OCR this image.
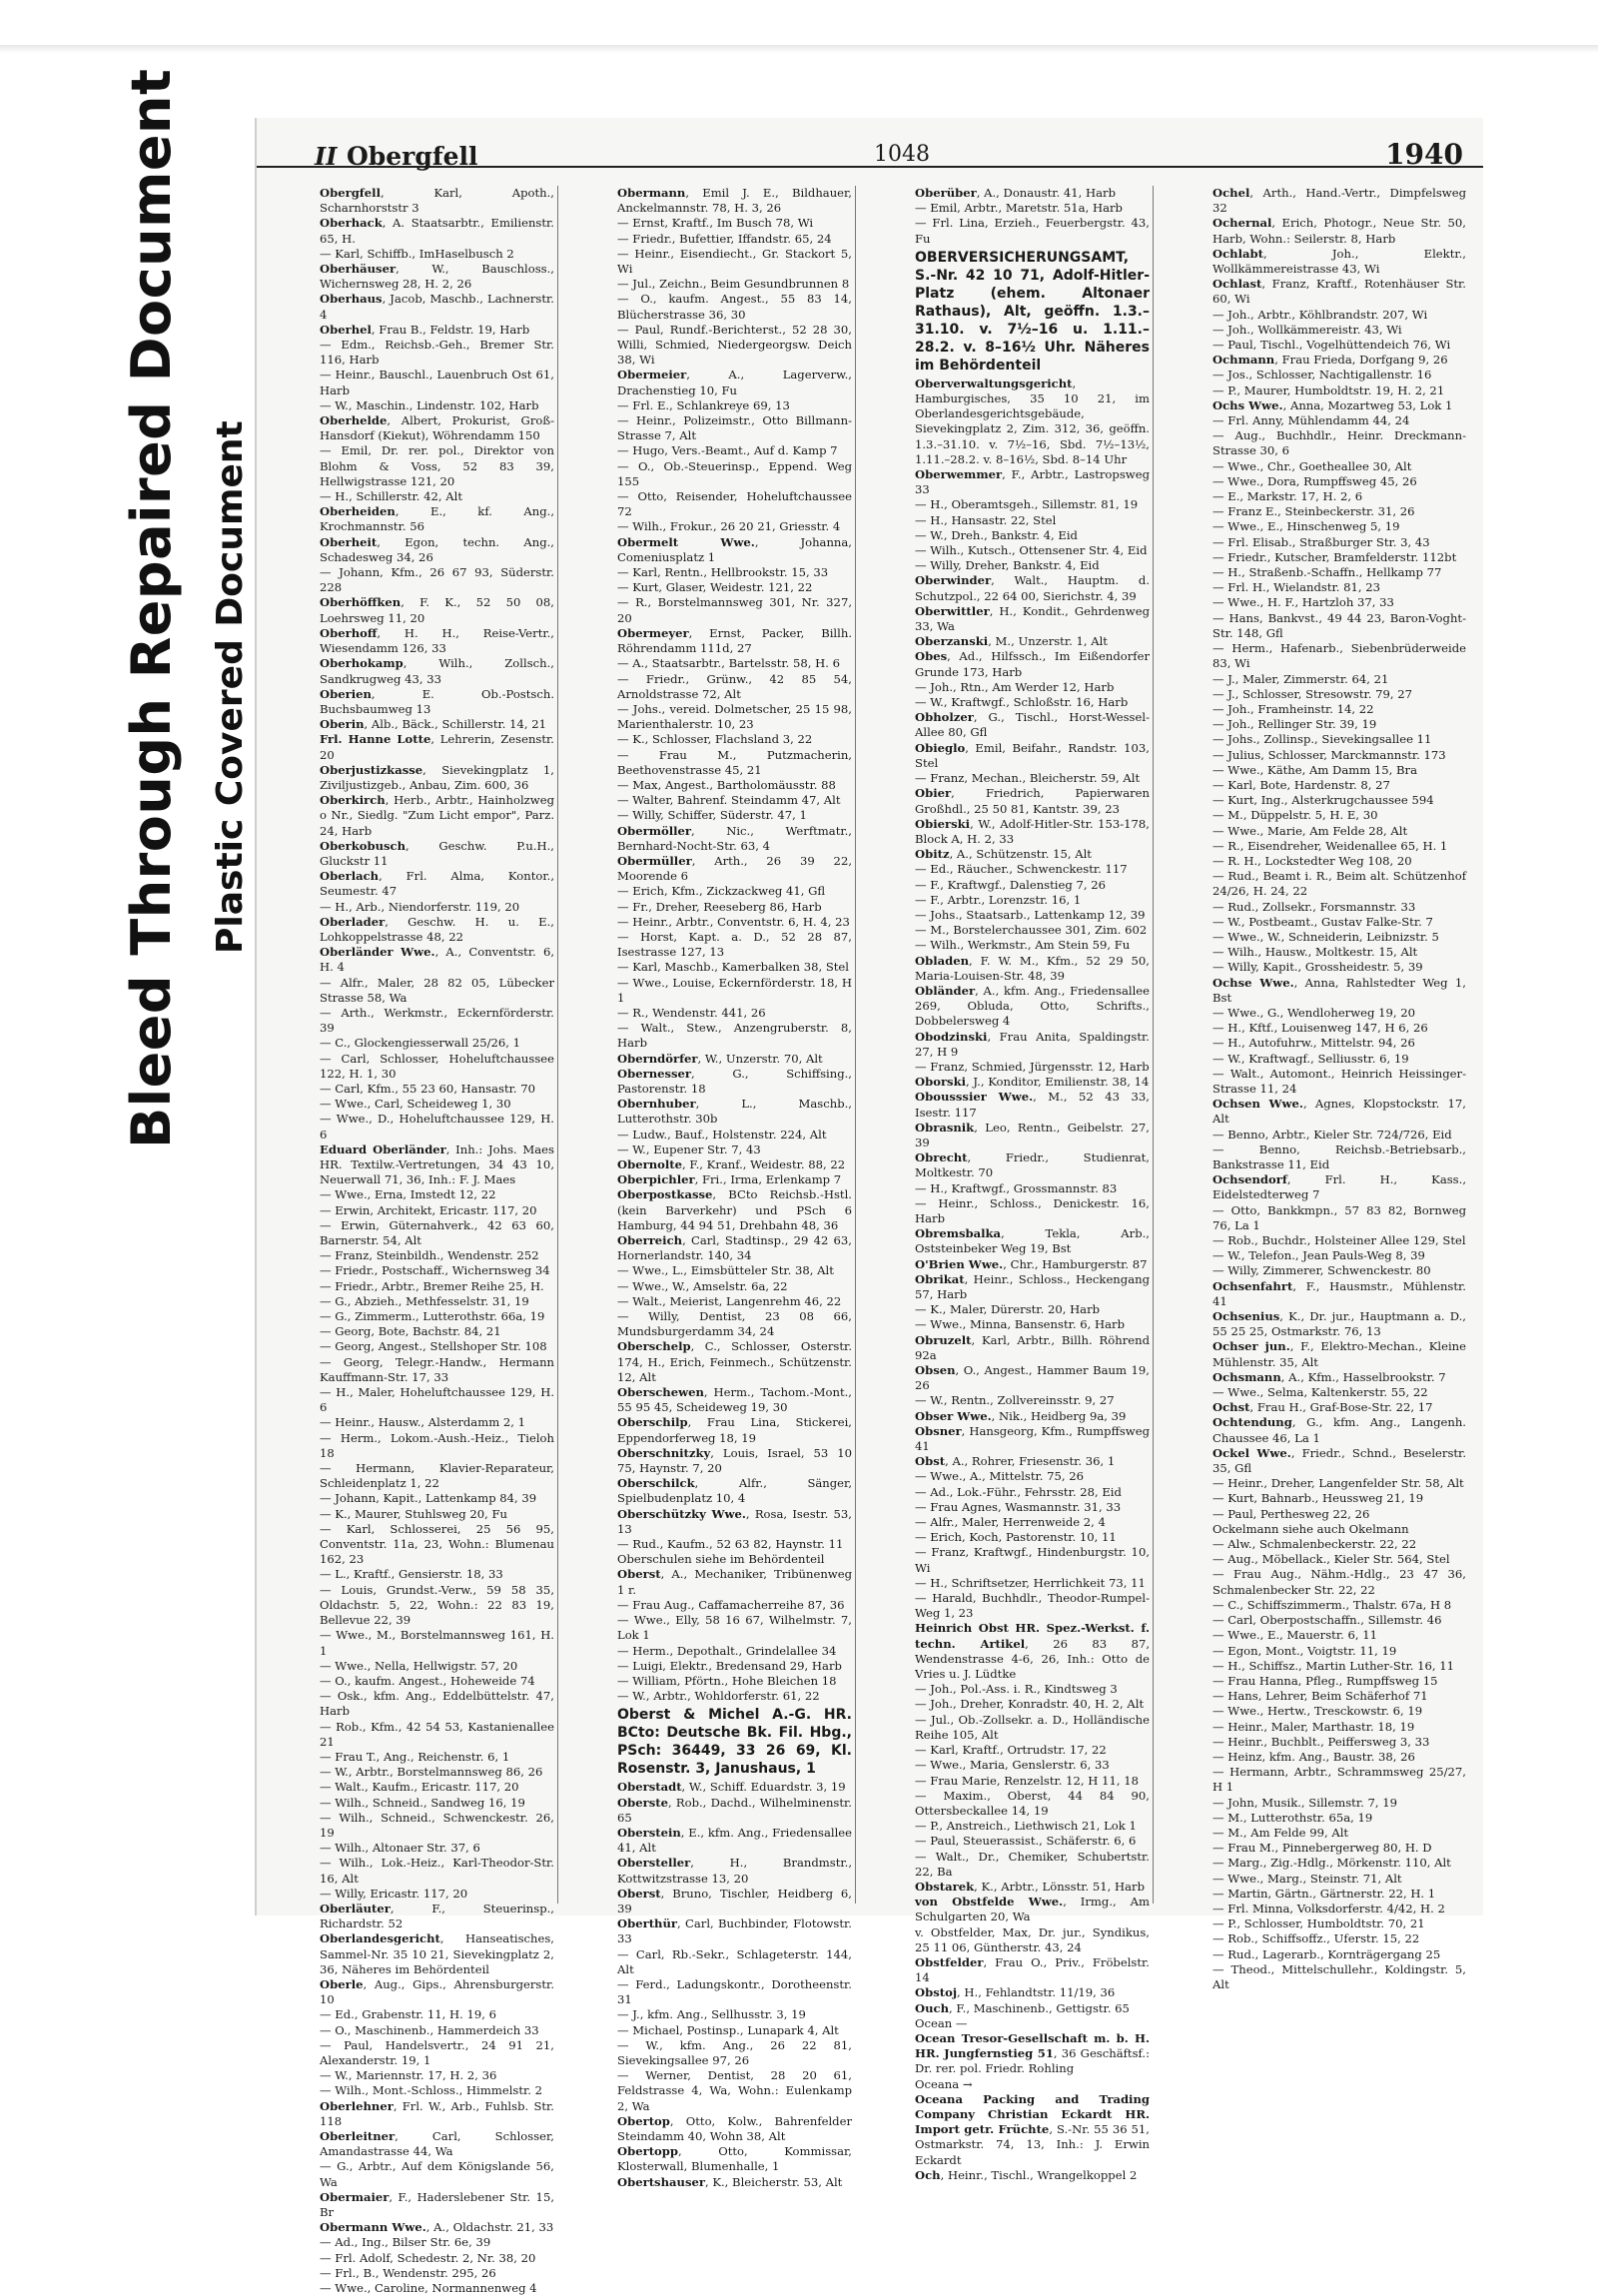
Bleed Through Repaired Document Plastic Covered Document
II Obergfell	1048	1940

Obergfell, Karl, Apoth., Scharnhorststr 3

Oberhack, A. Staatsarbtr., Emilienstr. 65, H.

— Karl, Schiffb., ImHaselbusch 2

Oberhäuser, W., Bauschloss., Wichernsweg 28, H. 2, 26

Oberhaus, Jacob, Maschb., Lachnerstr. 4

Oberhel, Frau B., Feldstr. 19, Harb

— Edm., Reichsb.-Geh., Bremer Str. 116, Harb

— Heinr., Bauschl., Lauenbruch Ost 61, Harb

— W., Maschin., Lindenstr. 102, Harb

Oberhelde, Albert, Prokurist, Groß-Hansdorf (Kiekut), Wöhrendamm 150

— Emil, Dr. rer. pol., Direktor von Blohm & Voss, 52 83 39, Hellwigstrasse 121, 20

— H., Schillerstr. 42, Alt

Oberheiden, E., kf. Ang., Krochmannstr. 56

Oberheit, Egon, techn. Ang., Schadesweg 34, 26

— Johann, Kfm., 26 67 93, Süderstr. 228

Oberhöffken, F. K., 52 50 08, Loehrsweg 11, 20

Oberhoff, H. H., Reise-Vertr., Wiesendamm 126, 33

Oberhokamp, Wilh., Zollsch., Sandkrugweg 43, 33

Oberien, E. Ob.-Postsch. Buchsbaumweg 13

Oberin, Alb., Bäck., Schillerstr. 14, 21

Frl. Hanne Lotte, Lehrerin, Zesenstr. 20

Oberjustizkasse, Sievekingplatz 1, Ziviljustizgeb., Anbau, Zim. 600, 36

Oberkirch, Herb., Arbtr., Hainholzweg o Nr., Siedlg. "Zum Licht empor", Parz. 24, Harb

Oberkobusch, Geschw. P.u.H., Gluckstr 11

Oberlach, Frl. Alma, Kontor., Seumestr. 47

— H., Arb., Niendorferstr. 119, 20

Oberlader, Geschw. H. u. E., Lohkoppelstrasse 48, 22

Oberländer Wwe., A., Conventstr. 6, H. 4

— Alfr., Maler, 28 82 05, Lübecker Strasse 58, Wa

— Arth., Werkmstr., Eckernförderstr. 39

— C., Glockengiesserwall 25/26, 1

— Carl, Schlosser, Hoheluftchaussee 122, H. 1, 30

— Carl, Kfm., 55 23 60, Hansastr. 70

— Wwe., Carl, Scheideweg 1, 30

— Wwe., D., Hoheluftchaussee 129, H. 6

Eduard Oberländer, Inh.: Johs. Maes HR. Textilw.-Vertretungen, 34 43 10, Neuerwall 71, 36, Inh.: F. J. Maes

— Wwe., Erna, Imstedt 12, 22

— Erwin, Architekt, Ericastr. 117, 20

— Erwin, Güternahverk., 42 63 60, Barnerstr. 54, Alt

— Franz, Steinbildh., Wendenstr. 252

— Friedr., Postschaff., Wichernsweg 34

— Friedr., Arbtr., Bremer Reihe 25, H.

— G., Abzieh., Methfesselstr. 31, 19

— G., Zimmerm., Lutterothstr. 66a, 19

— Georg, Bote, Bachstr. 84, 21

— Georg, Angest., Stellshoper Str. 108

— Georg, Telegr.-Handw., Hermann Kauffmann-Str. 17, 33

— H., Maler, Hoheluftchaussee 129, H. 6

— Heinr., Hausw., Alsterdamm 2, 1

— Herm., Lokom.-Aush.-Heiz., Tieloh 18

— Hermann, Klavier-Reparateur, Schleidenplatz 1, 22

— Johann, Kapit., Lattenkamp 84, 39

— K., Maurer, Stuhlsweg 20, Fu

— Karl, Schlosserei, 25 56 95, Conventstr. 11a, 23, Wohn.: Blumenau 162, 23

— L., Kraftf., Gensierstr. 18, 33

— Louis, Grundst.-Verw., 59 58 35, Oldachstr. 5, 22, Wohn.: 22 83 19, Bellevue 22, 39

— Wwe., M., Borstelmannsweg 161, H. 1

— Wwe., Nella, Hellwigstr. 57, 20

— O., kaufm. Angest., Hoheweide 74

— Osk., kfm. Ang., Eddelbüttelstr. 47, Harb

— Rob., Kfm., 42 54 53, Kastanienallee 21

— Frau T., Ang., Reichenstr. 6, 1

— W., Arbtr., Borstelmannsweg 86, 26

— Walt., Kaufm., Ericastr. 117, 20

— Wilh., Schneid., Sandweg 16, 19

— Wilh., Schneid., Schwenckestr. 26, 19

— Wilh., Altonaer Str. 37, 6

— Wilh., Lok.-Heiz., Karl-Theodor-Str. 16, Alt

— Willy, Ericastr. 117, 20

Oberläuter, F., Steuerinsp., Richardstr. 52

Oberlandesgericht, Hanseatisches, Sammel-Nr. 35 10 21, Sievekingplatz 2, 36, Näheres im Behördenteil

Oberle, Aug., Gips., Ahrensburgerstr. 10

— Ed., Grabenstr. 11, H. 19, 6

— O., Maschinenb., Hammerdeich 33

— Paul, Handelsvertr., 24 91 21, Alexanderstr. 19, 1

— W., Mariennstr. 17, H. 2, 36

— Wilh., Mont.-Schloss., Himmelstr. 2

Oberlehner, Frl. W., Arb., Fuhlsb. Str. 118

Oberleitner, Carl, Schlosser, Amandastrasse 44, Wa

— G., Arbtr., Auf dem Königslande 56, Wa

Obermaier, F., Haderslebener Str. 15, Br

Obermann Wwe., A., Oldachstr. 21, 33

— Ad., Ing., Bilser Str. 6e, 39

— Frl. Adolf, Schedestr. 2, Nr. 38, 20

— Frl., B., Wendenstr. 295, 26

— Wwe., Caroline, Normannenweg 4

Obermann, Emil J. E., Bildhauer, Anckelmannstr. 78, H. 3, 26

— Ernst, Kraftf., Im Busch 78, Wi

— Friedr., Bufettier, Iffandstr. 65, 24

— Heinr., Eisendiecht., Gr. Stackort 5, Wi

— Jul., Zeichn., Beim Gesundbrunnen 8

— O., kaufm. Angest., 55 83 14, Blücherstrasse 36, 30

— Paul, Rundf.-Berichterst., 52 28 30, Willi, Schmied, Niedergeorgsw. Deich 38, Wi

Obermeier, A., Lagerverw., Drachenstieg 10, Fu

— Frl. E., Schlankreye 69, 13

— Heinr., Polizeimstr., Otto Billmann-Strasse 7, Alt

— Hugo, Vers.-Beamt., Auf d. Kamp 7

— O., Ob.-Steuerinsp., Eppend. Weg 155

— Otto, Reisender, Hoheluftchaussee 72

— Wilh., Frokur., 26 20 21, Griesstr. 4

Obermelt Wwe., Johanna, Comeniusplatz 1

— Karl, Rentn., Hellbrookstr. 15, 33

— Kurt, Glaser, Weidestr. 121, 22

— R., Borstelmannsweg 301, Nr. 327, 20

Obermeyer, Ernst, Packer, Billh. Röhrendamm 111d, 27

— A., Staatsarbtr., Bartelsstr. 58, H. 6

— Friedr., Grünw., 42 85 54, Arnoldstrasse 72, Alt

— Johs., vereid. Dolmetscher, 25 15 98, Marienthalerstr. 10, 23

— K., Schlosser, Flachsland 3, 22

— Frau M., Putzmacherin, Beethovenstrasse 45, 21

— Max, Angest., Bartholomäusstr. 88

— Walter, Bahrenf. Steindamm 47, Alt

— Willy, Schiffer, Süderstr. 47, 1

Obermöller, Nic., Werftmatr., Bernhard-Nocht-Str. 63, 4

Obermüller, Arth., 26 39 22, Moorende 6

— Erich, Kfm., Zickzackweg 41, Gfl

— Fr., Dreher, Reeseberg 86, Harb

— Heinr., Arbtr., Conventstr. 6, H. 4, 23

— Horst, Kapt. a. D., 52 28 87, Isestrasse 127, 13

— Karl, Maschb., Kamerbalken 38, Stel

— Wwe., Louise, Eckernförderstr. 18, H 1

— R., Wendenstr. 441, 26

— Walt., Stew., Anzengruberstr. 8, Harb

Oberndörfer, W., Unzerstr. 70, Alt

Obernesser, G., Schiffsing., Pastorenstr. 18

Obernhuber, L., Maschb., Lutterothstr. 30b

— Ludw., Bauf., Holstenstr. 224, Alt

— W., Eupener Str. 7, 43

Obernolte, F., Kranf., Weidestr. 88, 22

Oberpichler, Fri., Irma, Erlenkamp 7

Oberpostkasse, BCto Reichsb.-Hstl. (kein Barverkehr) und PSch 6 Hamburg, 44 94 51, Drehbahn 48, 36

Oberreich, Carl, Stadtinsp., 29 42 63, Hornerlandstr. 140, 34

— Wwe., L., Eimsbütteler Str. 38, Alt

— Wwe., W., Amselstr. 6a, 22

— Walt., Meierist, Langenrehm 46, 22

— Willy, Dentist, 23 08 66, Mundsburgerdamm 34, 24

Oberschelp, C., Schlosser, Osterstr. 174, H., Erich, Feinmech., Schützenstr. 12, Alt

Oberschewen, Herm., Tachom.-Mont., 55 95 45, Scheideweg 19, 30

Oberschilp, Frau Lina, Stickerei, Eppendorferweg 18, 19

Oberschnitzky, Louis, Israel, 53 10 75, Haynstr. 7, 20

Oberschilck, Alfr., Sänger, Spielbudenplatz 10, 4

Oberschützky Wwe., Rosa, Isestr. 53, 13

— Rud., Kaufm., 52 63 82, Haynstr. 11

Oberschulen siehe im Behördenteil

Oberst, A., Mechaniker, Tribünenweg 1 r.

— Frau Aug., Caffamacherreihe 87, 36

— Wwe., Elly, 58 16 67, Wilhelmstr. 7, Lok 1

— Herm., Depothalt., Grindelallee 34

— Luigi, Elektr., Bredensand 29, Harb

— William, Pförtn., Hohe Bleichen 18

— W., Arbtr., Wohldorferstr. 61, 22

Oberst & Michel A.-G. HR. BCto: Deutsche Bk. Fil. Hbg., PSch: 36449, 33 26 69, Kl. Rosenstr. 3, Janushaus, 1

Oberstadt, W., Schiff. Eduardstr. 3, 19

Oberste, Rob., Dachd., Wilhelminenstr. 65

Oberstein, E., kfm. Ang., Friedensallee 41, Alt

Obersteller, H., Brandmstr., Kottwitzstrasse 13, 20

Oberst, Bruno, Tischler, Heidberg 6, 39

Oberthür, Carl, Buchbinder, Flotowstr. 33

— Carl, Rb.-Sekr., Schlageterstr. 144, Alt

— Ferd., Ladungskontr., Dorotheenstr. 31

— J., kfm. Ang., Sellhusstr. 3, 19

— Michael, Postinsp., Lunapark 4, Alt

— W., kfm. Ang., 26 22 81, Sievekingsallee 97, 26

— Werner, Dentist, 28 20 61, Feldstrasse 4, Wa, Wohn.: Eulenkamp 2, Wa

Obertop, Otto, Kolw., Bahrenfelder Steindamm 40, Wohn 38, Alt

Obertopp, Otto, Kommissar, Klosterwall, Blumenhalle, 1

Obertshauser, K., Bleicherstr. 53, Alt

Oberüber, A., Donaustr. 41, Harb

— Emil, Arbtr., Maretstr. 51a, Harb

— Frl. Lina, Erzieh., Feuerbergstr. 43, Fu

OBERVERSICHERUNGSAMT, S.-Nr. 42 10 71, Adolf-Hitler-Platz (ehem. Altonaer Rathaus), Alt, geöffn. 1.3.–31.10. v. 7½–16 u. 1.11.–28.2. v. 8–16½ Uhr. Näheres im Behördenteil

Oberverwaltungsgericht, Hamburgisches, 35 10 21, im Oberlandesgerichtsgebäude, Sievekingplatz 2, Zim. 312, 36, geöffn. 1.3.–31.10. v. 7½–16, Sbd. 7½–13½, 1.11.–28.2. v. 8–16½, Sbd. 8–14 Uhr

Oberwemmer, F., Arbtr., Lastropsweg 33

— H., Oberamtsgeh., Sillemstr. 81, 19

— H., Hansastr. 22, Stel

— W., Dreh., Bankstr. 4, Eid

— Wilh., Kutsch., Ottensener Str. 4, Eid

— Willy, Dreher, Bankstr. 4, Eid

Oberwinder, Walt., Hauptm. d. Schutzpol., 22 64 00, Sierichstr. 4, 39

Oberwittler, H., Kondit., Gehrdenweg 33, Wa

Oberzanski, M., Unzerstr. 1, Alt

Obes, Ad., Hilfssch., Im Eißendorfer Grunde 173, Harb

— Joh., Rtn., Am Werder 12, Harb

— W., Kraftwgf., Schloßstr. 16, Harb

Obholzer, G., Tischl., Horst-Wessel-Allee 80, Gfl

Obieglo, Emil, Beifahr., Randstr. 103, Stel

— Franz, Mechan., Bleicherstr. 59, Alt

Obier, Friedrich, Papierwaren Großhdl., 25 50 81, Kantstr. 39, 23

Obierski, W., Adolf-Hitler-Str. 153-178, Block A, H. 2, 33

Obitz, A., Schützenstr. 15, Alt

— Ed., Räucher., Schwenckestr. 117

— F., Kraftwgf., Dalenstieg 7, 26

— F., Arbtr., Lorenzstr. 16, 1

— Johs., Staatsarb., Lattenkamp 12, 39

— M., Borstelerchaussee 301, Zim. 602

— Wilh., Werkmstr., Am Stein 59, Fu

Obladen, F. W. M., Kfm., 52 29 50, Maria-Louisen-Str. 48, 39

Obländer, A., kfm. Ang., Friedensallee 269, Obluda, Otto, Schrifts., Dobbelersweg 4

Obodzinski, Frau Anita, Spaldingstr. 27, H 9

— Franz, Schmied, Jürgensstr. 12, Harb

Oborski, J., Konditor, Emilienstr. 38, 14

Obousssier Wwe., M., 52 43 33, Isestr. 117

Obrasnik, Leo, Rentn., Geibelstr. 27, 39

Obrecht, Friedr., Studienrat, Moltkestr. 70

— H., Kraftwgf., Grossmannstr. 83

— Heinr., Schloss., Denickestr. 16, Harb

Obremsbalka, Tekla, Arb., Oststeinbeker Weg 19, Bst

O'Brien Wwe., Chr., Hamburgerstr. 87

Obrikat, Heinr., Schloss., Heckengang 57, Harb

— K., Maler, Dürerstr. 20, Harb

— Wwe., Minna, Bansenstr. 6, Harb

Obruzelt, Karl, Arbtr., Billh. Röhrend 92a

Obsen, O., Angest., Hammer Baum 19, 26

— W., Rentn., Zollvereinsstr. 9, 27

Obser Wwe., Nik., Heidberg 9a, 39

Obsner, Hansgeorg, Kfm., Rumpffsweg 41

Obst, A., Rohrer, Friesenstr. 36, 1

— Wwe., A., Mittelstr. 75, 26

— Ad., Lok.-Führ., Fehrsstr. 28, Eid

— Frau Agnes, Wasmannstr. 31, 33

— Alfr., Maler, Herrenweide 2, 4

— Erich, Koch, Pastorenstr. 10, 11

— Franz, Kraftwgf., Hindenburgstr. 10, Wi

— H., Schriftsetzer, Herrlichkeit 73, 11

— Harald, Buchhdlr., Theodor-Rumpel-Weg 1, 23

Heinrich Obst HR. Spez.-Werkst. f. techn. Artikel, 26 83 87, Wendenstrasse 4-6, 26, Inh.: Otto de Vries u. J. Lüdtke

— Joh., Pol.-Ass. i. R., Kindtsweg 3

— Joh., Dreher, Konradstr. 40, H. 2, Alt

— Jul., Ob.-Zollsekr. a. D., Holländische Reihe 105, Alt

— Karl, Kraftf., Ortrudstr. 17, 22

— Wwe., Maria, Genslerstr. 6, 33

— Frau Marie, Renzelstr. 12, H 11, 18

— Maxim., Oberst, 44 84 90, Ottersbeckallee 14, 19

— P., Anstreich., Liethwisch 21, Lok 1

— Paul, Steuerassist., Schäferstr. 6, 6

— Walt., Dr., Chemiker, Schubertstr. 22, Ba

Obstarek, K., Arbtr., Lönsstr. 51, Harb

von Obstfelde Wwe., Irmg., Am Schulgarten 20, Wa

v. Obstfelder, Max, Dr. jur., Syndikus, 25 11 06, Güntherstr. 43, 24

Obstfelder, Frau O., Priv., Fröbelstr. 14

Obstoj, H., Fehlandtstr. 11/19, 36

Ouch, F., Maschinenb., Gettigstr. 65

Ocean —

Ocean Tresor-Gesellschaft m. b. H. HR. Jungfernstieg 51, 36 Geschäftsf.: Dr. rer. pol. Friedr. Rohling

Oceana →

Oceana Packing and Trading Company Christian Eckardt HR. Import getr. Früchte, S.-Nr. 55 36 51, Ostmarkstr. 74, 13, Inh.: J. Erwin Eckardt

Och, Heinr., Tischl., Wrangelkoppel 2

Ochel, Arth., Hand.-Vertr., Dimpfelsweg 32

Ochernal, Erich, Photogr., Neue Str. 50, Harb, Wohn.: Seilerstr. 8, Harb

Ochlabt, Joh., Elektr., Wollkämmereistrasse 43, Wi

Ochlast, Franz, Kraftf., Rotenhäuser Str. 60, Wi

— Joh., Arbtr., Köhlbrandstr. 207, Wi

— Joh., Wollkämmereistr. 43, Wi

— Paul, Tischl., Vogelhüttendeich 76, Wi

Ochmann, Frau Frieda, Dorfgang 9, 26

— Jos., Schlosser, Nachtigallenstr. 16

— P., Maurer, Humboldtstr. 19, H. 2, 21

Ochs Wwe., Anna, Mozartweg 53, Lok 1

— Frl. Anny, Mühlendamm 44, 24

— Aug., Buchhdlr., Heinr. Dreckmann-Strasse 30, 6

— Wwe., Chr., Goetheallee 30, Alt

— Wwe., Dora, Rumpffsweg 45, 26

— E., Markstr. 17, H. 2, 6

— Franz E., Steinbeckerstr. 31, 26

— Wwe., E., Hinschenweg 5, 19

— Frl. Elisab., Straßburger Str. 3, 43

— Friedr., Kutscher, Bramfelderstr. 112bt

— H., Straßenb.-Schaffn., Hellkamp 77

— Frl. H., Wielandstr. 81, 23

— Wwe., H. F., Hartzloh 37, 33

— Hans, Bankvst., 49 44 23, Baron-Voght-Str. 148, Gfl

— Herm., Hafenarb., Siebenbrüderweide 83, Wi

— J., Maler, Zimmerstr. 64, 21

— J., Schlosser, Stresowstr. 79, 27

— Joh., Framheinstr. 14, 22

— Joh., Rellinger Str. 39, 19

— Johs., Zollinsp., Sievekingsallee 11

— Julius, Schlosser, Marckmannstr. 173

— Wwe., Käthe, Am Damm 15, Bra

— Karl, Bote, Hardenstr. 8, 27

— Kurt, Ing., Alsterkrugchaussee 594

— M., Düppelstr. 5, H. E, 30

— Wwe., Marie, Am Felde 28, Alt

— R., Eisendreher, Weidenallee 65, H. 1

— R. H., Lockstedter Weg 108, 20

— Rud., Beamt i. R., Beim alt. Schützenhof 24/26, H. 24, 22

— Rud., Zollsekr., Forsmannstr. 33

— W., Postbeamt., Gustav Falke-Str. 7

— Wwe., W., Schneiderin, Leibnizstr. 5

— Wilh., Hausw., Moltkestr. 15, Alt

— Willy, Kapit., Grossheidestr. 5, 39

Ochse Wwe., Anna, Rahlstedter Weg 1, Bst

— Wwe., G., Wendloherweg 19, 20

— H., Kftf., Louisenweg 147, H 6, 26

— H., Autofuhrw., Mittelstr. 94, 26

— W., Kraftwagf., Selliusstr. 6, 19

— Walt., Automont., Heinrich Heissinger-Strasse 11, 24

Ochsen Wwe., Agnes, Klopstockstr. 17, Alt

— Benno, Arbtr., Kieler Str. 724/726, Eid

— Benno, Reichsb.-Betriebsarb., Bankstrasse 11, Eid

Ochsendorf, Frl. H., Kass., Eidelstedterweg 7

— Otto, Bankkmpn., 57 83 82, Bornweg 76, La 1

— Rob., Buchdr., Holsteiner Allee 129, Stel

— W., Telefon., Jean Pauls-Weg 8, 39

— Willy, Zimmerer, Schwenckestr. 80

Ochsenfahrt, F., Hausmstr., Mühlenstr. 41

Ochsenius, K., Dr. jur., Hauptmann a. D., 55 25 25, Ostmarkstr. 76, 13

Ochser jun., F., Elektro-Mechan., Kleine Mühlenstr. 35, Alt

Ochsmann, A., Kfm., Hasselbrookstr. 7

— Wwe., Selma, Kaltenkerstr. 55, 22

Ochst, Frau H., Graf-Bose-Str. 22, 17

Ochtendung, G., kfm. Ang., Langenh. Chaussee 46, La 1

Ockel Wwe., Friedr., Schnd., Beselerstr. 35, Gfl

— Heinr., Dreher, Langenfelder Str. 58, Alt

— Kurt, Bahnarb., Heussweg 21, 19

— Paul, Perthesweg 22, 26

Ockelmann siehe auch Okelmann

— Alw., Schmalenbeckerstr. 22, 22

— Aug., Möbellack., Kieler Str. 564, Stel

— Frau Aug., Nähm.-Hdlg., 23 47 36, Schmalenbecker Str. 22, 22

— C., Schiffszimmerm., Thalstr. 67a, H 8

— Carl, Oberpostschaffn., Sillemstr. 46

— Wwe., E., Mauerstr. 6, 11

— Egon, Mont., Voigtstr. 11, 19

— H., Schiffsz., Martin Luther-Str. 16, 11

— Frau Hanna, Pfleg., Rumpffsweg 15

— Hans, Lehrer, Beim Schäferhof 71

— Wwe., Hertw., Tresckowstr. 6, 19

— Heinr., Maler, Marthastr. 18, 19

— Heinr., Buchblt., Peiffersweg 3, 33

— Heinz, kfm. Ang., Baustr. 38, 26

— Hermann, Arbtr., Schrammsweg 25/27, H 1

— John, Musik., Sillemstr. 7, 19

— M., Lutterothstr. 65a, 19

— M., Am Felde 99, Alt

— Frau M., Pinnebergerweg 80, H. D

— Marg., Zig.-Hdlg., Mörkenstr. 110, Alt

— Wwe., Marg., Steinstr. 71, Alt

— Martin, Gärtn., Gärtnerstr. 22, H. 1

— Frl. Minna, Volksdorferstr. 4/42, H. 2

— P., Schlosser, Humboldtstr. 70, 21

— Rob., Schiffsoffz., Uferstr. 15, 22

— Rud., Lagerarb., Kornträgergang 25

— Theod., Mittelschullehr., Koldingstr. 5, Alt
